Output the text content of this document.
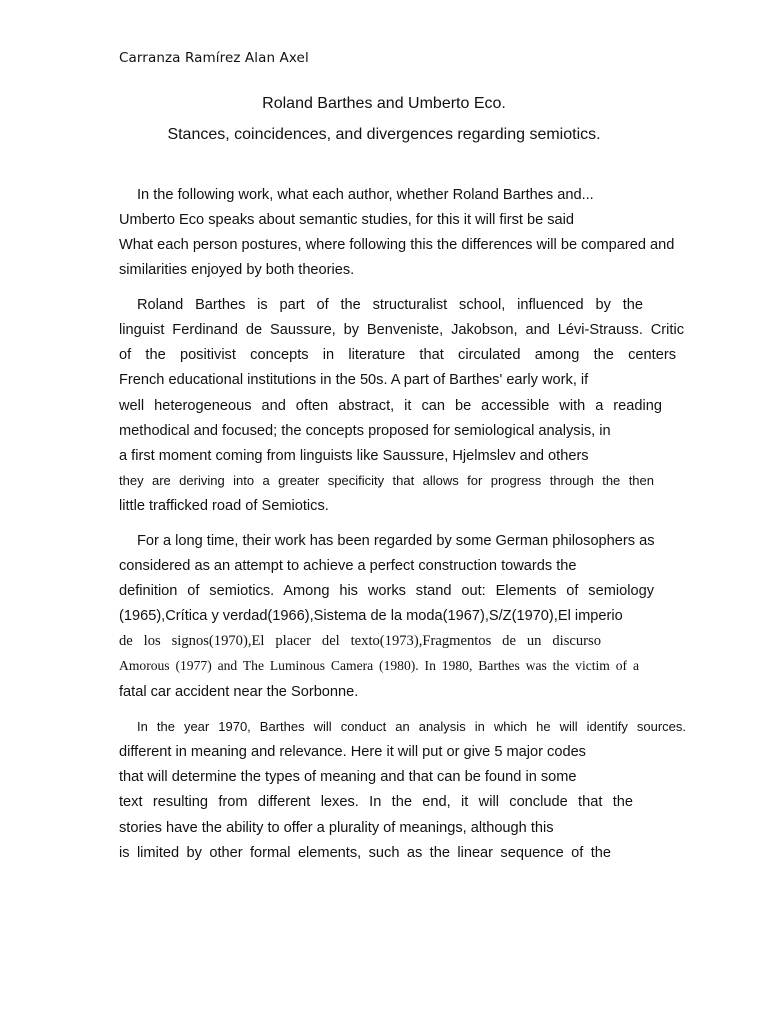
Carranza Ramírez Alan Axel
Roland Barthes and Umberto Eco.
Stances, coincidences, and divergences regarding semiotics.
In the following work, what each author, whether Roland Barthes and...
Umberto Eco speaks about semantic studies, for this it will first be said
What each person postures, where following this the differences will be compared and
similarities enjoyed by both theories.
Roland Barthes is part of the structuralist school, influenced by the
linguist Ferdinand de Saussure, by Benveniste, Jakobson, and Lévi-Strauss. Critic
of the positivist concepts in literature that circulated among the centers
French educational institutions in the 50s. A part of Barthes' early work, if
well heterogeneous and often abstract, it can be accessible with a reading
methodical and focused; the concepts proposed for semiological analysis, in
a first moment coming from linguists like Saussure, Hjelmslev and others
they are deriving into a greater specificity that allows for progress through the then
little trafficked road of Semiotics.
For a long time, their work has been regarded by some German philosophers as
considered as an attempt to achieve a perfect construction towards the
definition of semiotics. Among his works stand out: Elements of semiology
(1965),Crítica y verdad(1966),Sistema de la moda(1967),S/Z(1970),El imperio
de los signos(1970),El placer del texto(1973),Fragmentos de un discurso
Amorous (1977) and The Luminous Camera (1980). In 1980, Barthes was the victim of a
fatal car accident near the Sorbonne.
In the year 1970, Barthes will conduct an analysis in which he will identify sources.
different in meaning and relevance. Here it will put or give 5 major codes
that will determine the types of meaning and that can be found in some
text resulting from different lexes. In the end, it will conclude that the
stories have the ability to offer a plurality of meanings, although this
is limited by other formal elements, such as the linear sequence of the
